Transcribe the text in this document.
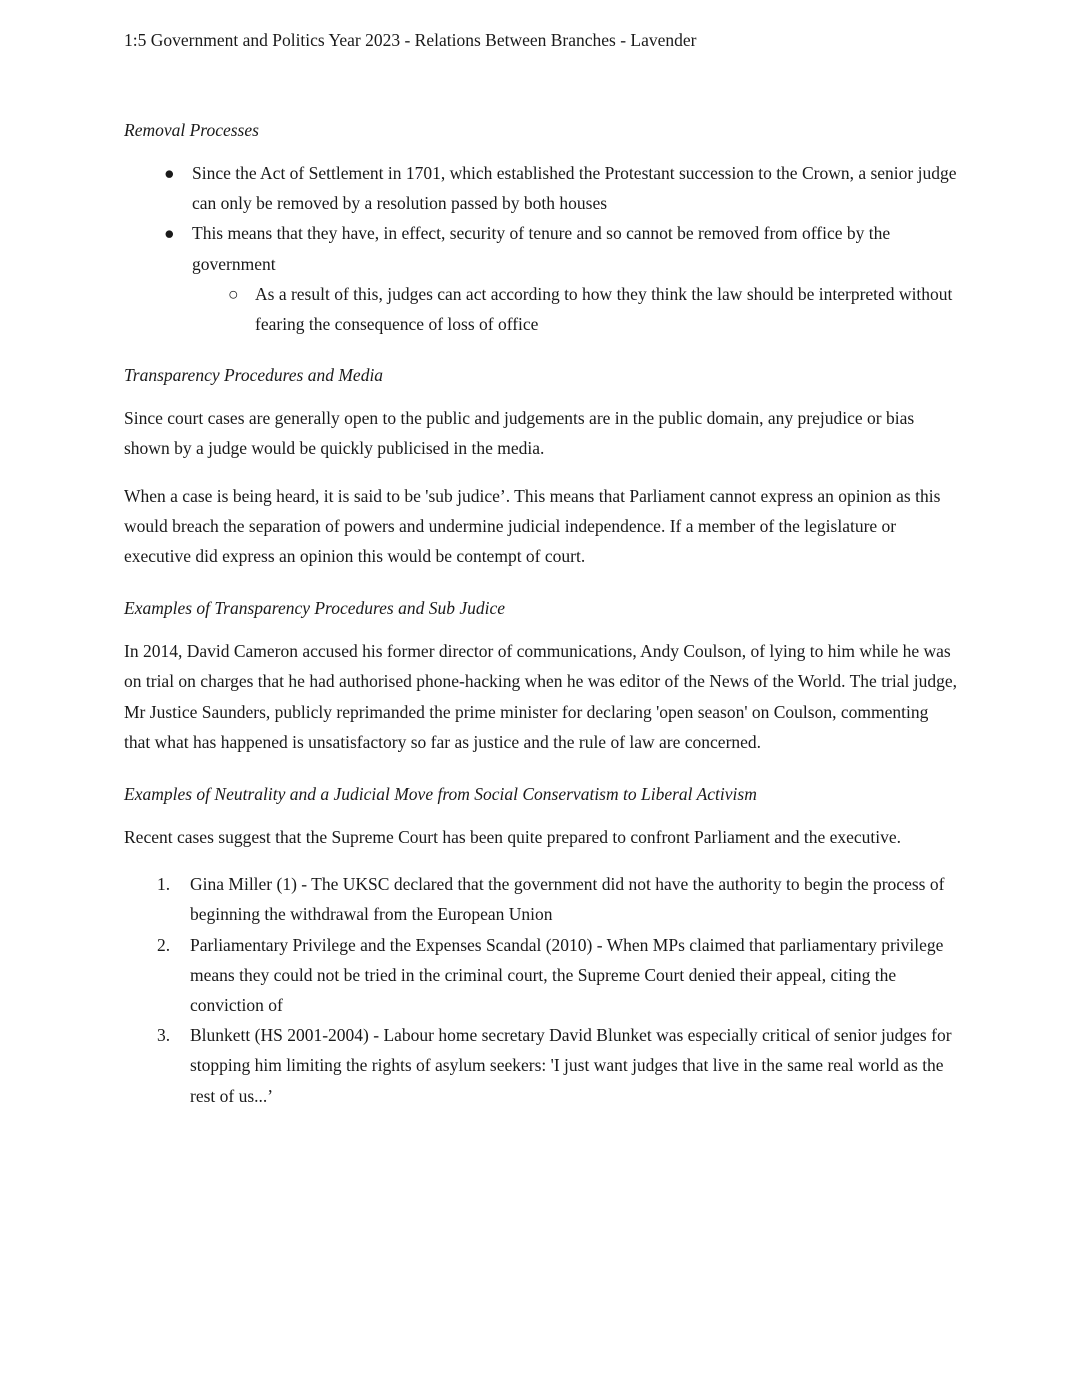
1:5 Government and Politics Year 2023 - Relations Between Branches - Lavender
Removal Processes
● Since the Act of Settlement in 1701, which established the Protestant succession to the Crown, a senior judge can only be removed by a resolution passed by both houses
● This means that they have, in effect, security of tenure and so cannot be removed from office by the government
○ As a result of this, judges can act according to how they think the law should be interpreted without fearing the consequence of loss of office
Transparency Procedures and Media

Since court cases are generally open to the public and judgements are in the public domain, any prejudice or bias shown by a judge would be quickly publicised in the media.

When a case is being heard, it is said to be 'sub judice’. This means that Parliament cannot express an opinion as this would breach the separation of powers and undermine judicial independence. If a member of the legislature or executive did express an opinion this would be contempt of court.

Examples of Transparency Procedures and Sub Judice

In 2014, David Cameron accused his former director of communications, Andy Coulson, of lying to him while he was on trial on charges that he had authorised phone-hacking when he was editor of the News of the World. The trial judge, Mr Justice Saunders, publicly reprimanded the prime minister for declaring 'open season' on Coulson, commenting that what has happened is unsatisfactory so far as justice and the rule of law are concerned.

Examples of Neutrality and a Judicial Move from Social Conservatism to Liberal Activism

Recent cases suggest that the Supreme Court has been quite prepared to confront Parliament and the executive.

1.	Gina Miller (1) - The UKSC declared that the government did not have the authority to begin the process of beginning the withdrawal from the European Union
2.	Parliamentary Privilege and the Expenses Scandal (2010) - When MPs claimed that parliamentary privilege means they could not be tried in the criminal court, the Supreme Court denied their appeal, citing the conviction of
3.	Blunkett (HS 2001-2004) - Labour home secretary David Blunket was especially critical of senior judges for stopping him limiting the rights of asylum seekers: 'I just want judges that live in the same real world as the rest of us...’
